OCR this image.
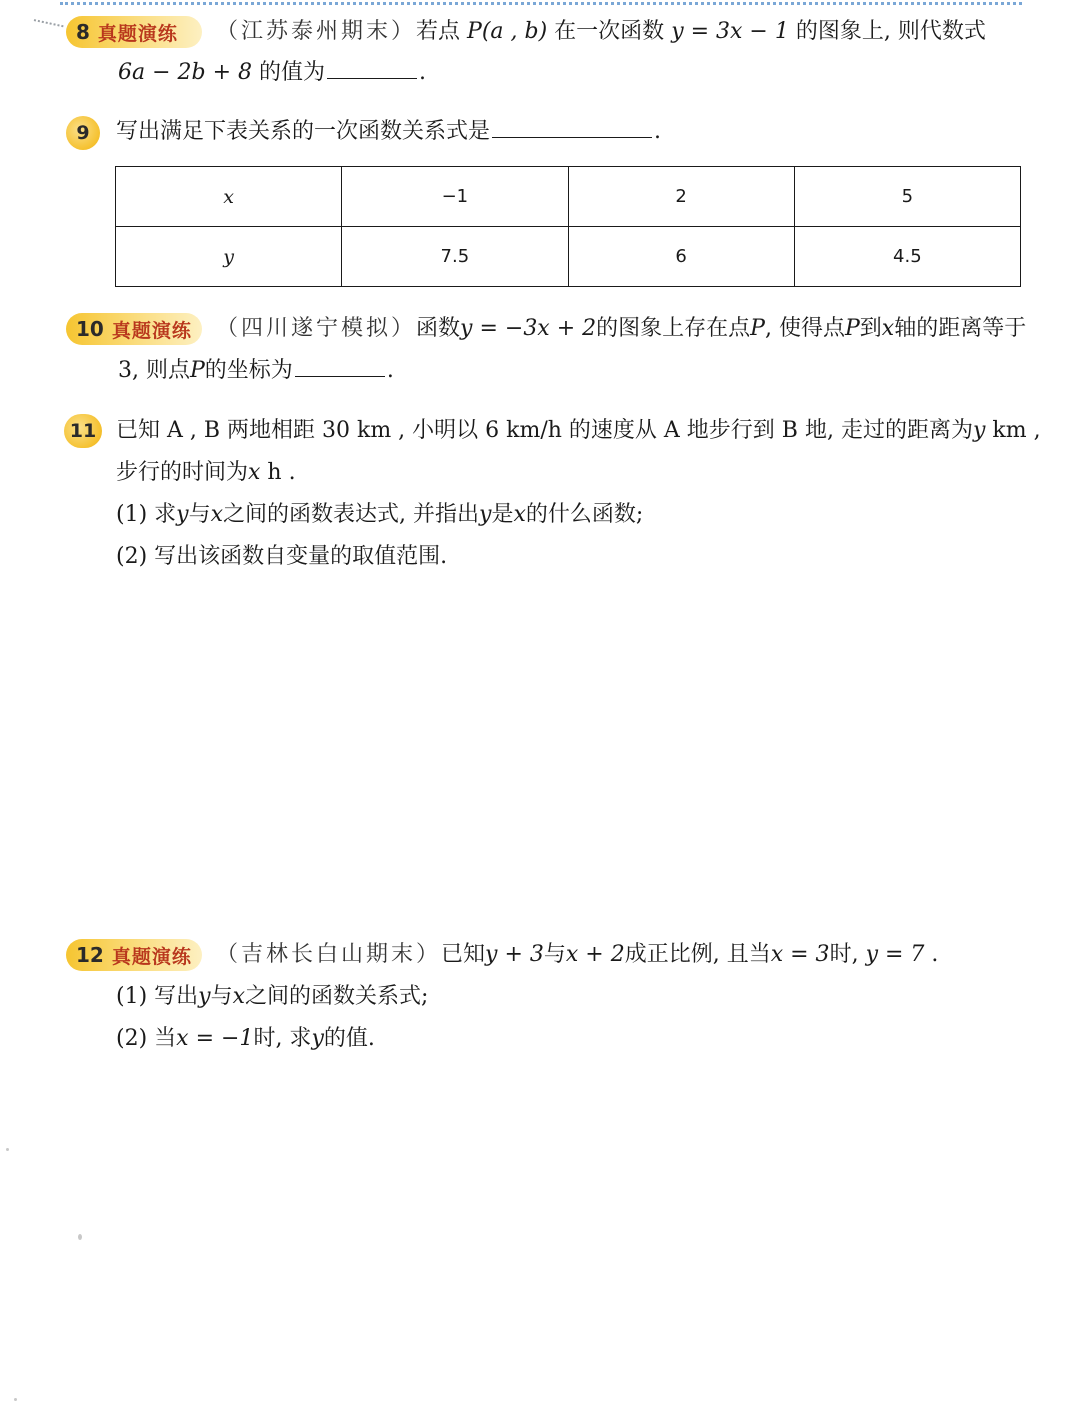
8 真题演练 （江苏泰州期末）若点 P(a , b) 在一次函数 y = 3x − 1 的图象上, 则代数式
6a − 2b + 8 的值为	.
9	写出满足下表关系的一次函数关系式是	.
x	−1	2	5
y	7.5	6	4.5
10 真题演练 （四川遂宁模拟）函数y = −3x + 2的图象上存在点P, 使得点P到x轴的距离等于
3, 则点P的坐标为	.
11 已知 A , B 两地相距 30 km , 小明以 6 km/h 的速度从 A 地步行到 B 地, 走过的距离为y km ,
步行的时间为x h .
(1) 求y与x之间的函数表达式, 并指出y是x的什么函数;
(2) 写出该函数自变量的取值范围.
12 真题演练 （吉林长白山期末）已知y + 3与x + 2成正比例, 且当x = 3时, y = 7 .
(1) 写出y与x之间的函数关系式;
(2) 当x = −1时, 求y的值.
